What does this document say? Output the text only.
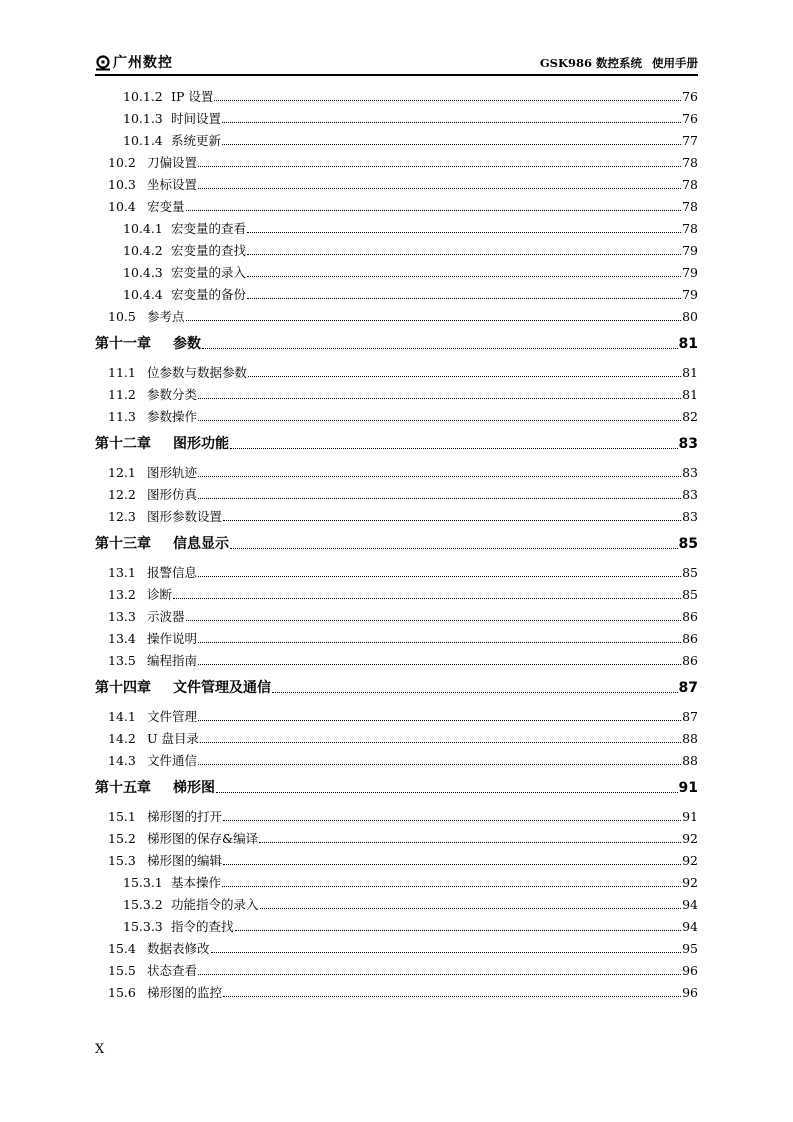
广州数控	GSK986 数控系统 使用手册
10.1.2 IP 设置	76
10.1.3 时间设置	76
10.1.4 系统更新	77
10.2 刀偏设置	78
10.3 坐标设置	78
10.4 宏变量	78
10.4.1 宏变量的查看	78
10.4.2 宏变量的查找	79
10.4.3 宏变量的录入	79
10.4.4 宏变量的备份	79
10.5 参考点	80
第十一章	参数	81
11.1 位参数与数据参数	81
11.2 参数分类	81
11.3 参数操作	82
第十二章	图形功能	83
12.1 图形轨迹	83
12.2 图形仿真	83
12.3 图形参数设置	83
第十三章	信息显示	85
13.1 报警信息	85
13.2 诊断	85
13.3 示波器	86
13.4 操作说明	86
13.5 编程指南	86
第十四章	文件管理及通信	87
14.1 文件管理	87
14.2 U 盘目录	88
14.3 文件通信	88
第十五章	梯形图	91
15.1 梯形图的打开	91
15.2 梯形图的保存&编译	92
15.3 梯形图的编辑	92
15.3.1 基本操作	92
15.3.2 功能指令的录入	94
15.3.3 指令的查找	94
15.4 数据表修改	95
15.5 状态查看	96
15.6 梯形图的监控	96
X
